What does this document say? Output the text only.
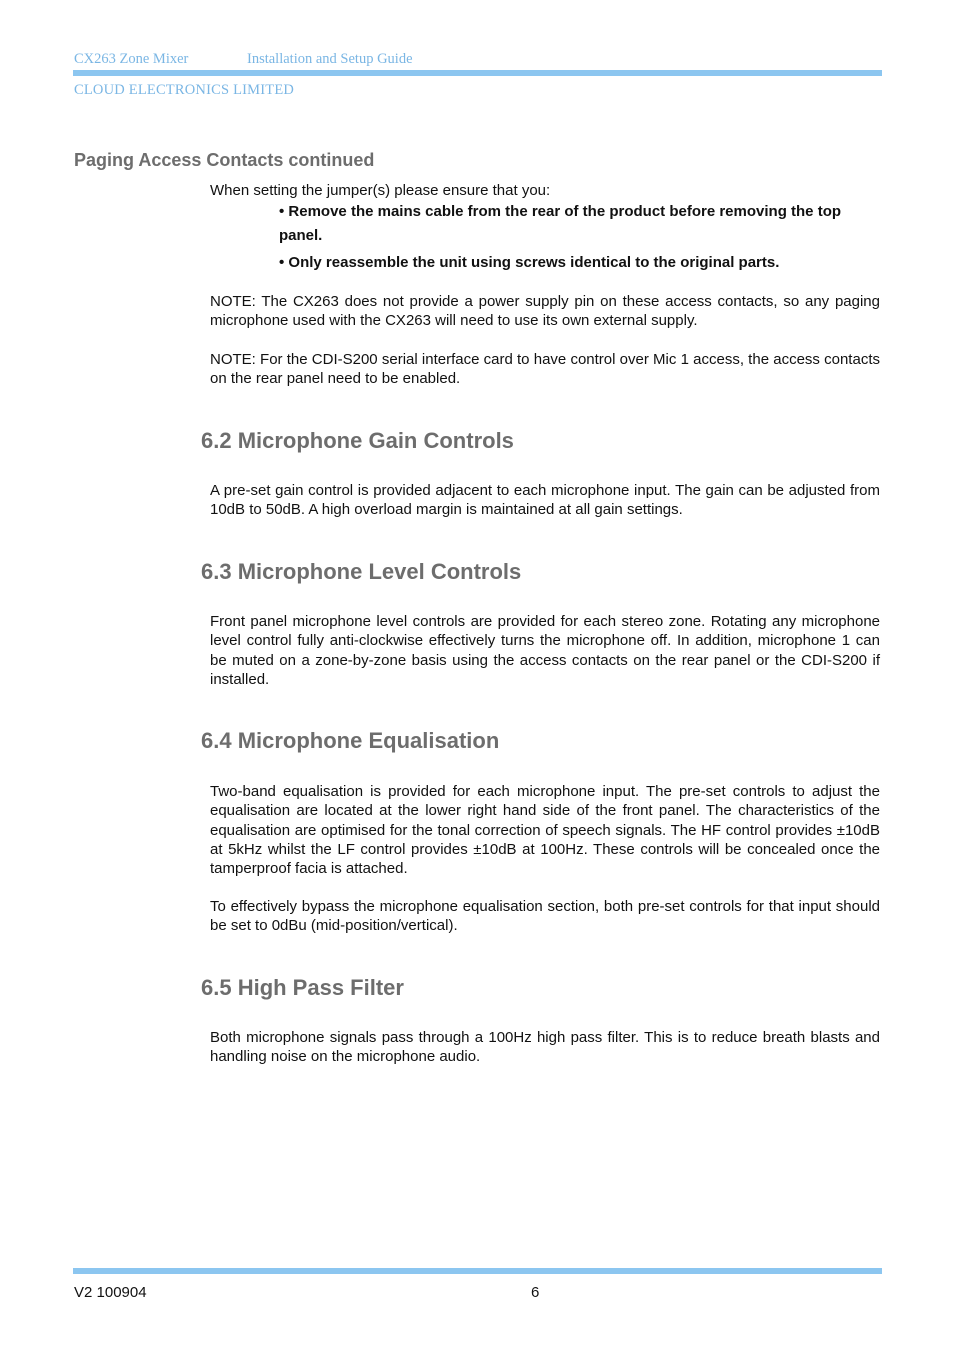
CX263 Zone Mixer	Installation and Setup Guide
CLOUD ELECTRONICS LIMITED
Paging Access Contacts continued

When setting the jumper(s) please ensure that you:

• Remove the mains cable from the rear of the product before removing the top panel.

• Only reassemble the unit using screws identical to the original parts.

NOTE: The CX263 does not provide a power supply pin on these access contacts, so any paging microphone used with the CX263 will need to use its own external supply.

NOTE: For the CDI-S200 serial interface card to have control over Mic 1 access, the access contacts on the rear panel need to be enabled.

6.2 Microphone Gain Controls

A pre-set gain control is provided adjacent to each microphone input. The gain can be adjusted from 10dB to 50dB. A high overload margin is maintained at all gain settings.

6.3 Microphone Level Controls

Front panel microphone level controls are provided for each stereo zone. Rotating any microphone level control fully anti-clockwise effectively turns the microphone off. In addition, microphone 1 can be muted on a zone-by-zone basis using the access contacts on the rear panel or the CDI-S200 if installed.

6.4 Microphone Equalisation

Two-band equalisation is provided for each microphone input. The pre-set controls to adjust the equalisation are located at the lower right hand side of the front panel. The characteristics of the equalisation are optimised for the tonal correction of speech signals. The HF control provides ±10dB at 5kHz whilst the LF control provides ±10dB at 100Hz. These controls will be concealed once the tamperproof facia is attached.

To effectively bypass the microphone equalisation section, both pre-set controls for that input should be set to 0dBu (mid-position/vertical).

6.5 High Pass Filter

Both microphone signals pass through a 100Hz high pass filter. This is to reduce breath blasts and handling noise on the microphone audio.

V2 100904	6
